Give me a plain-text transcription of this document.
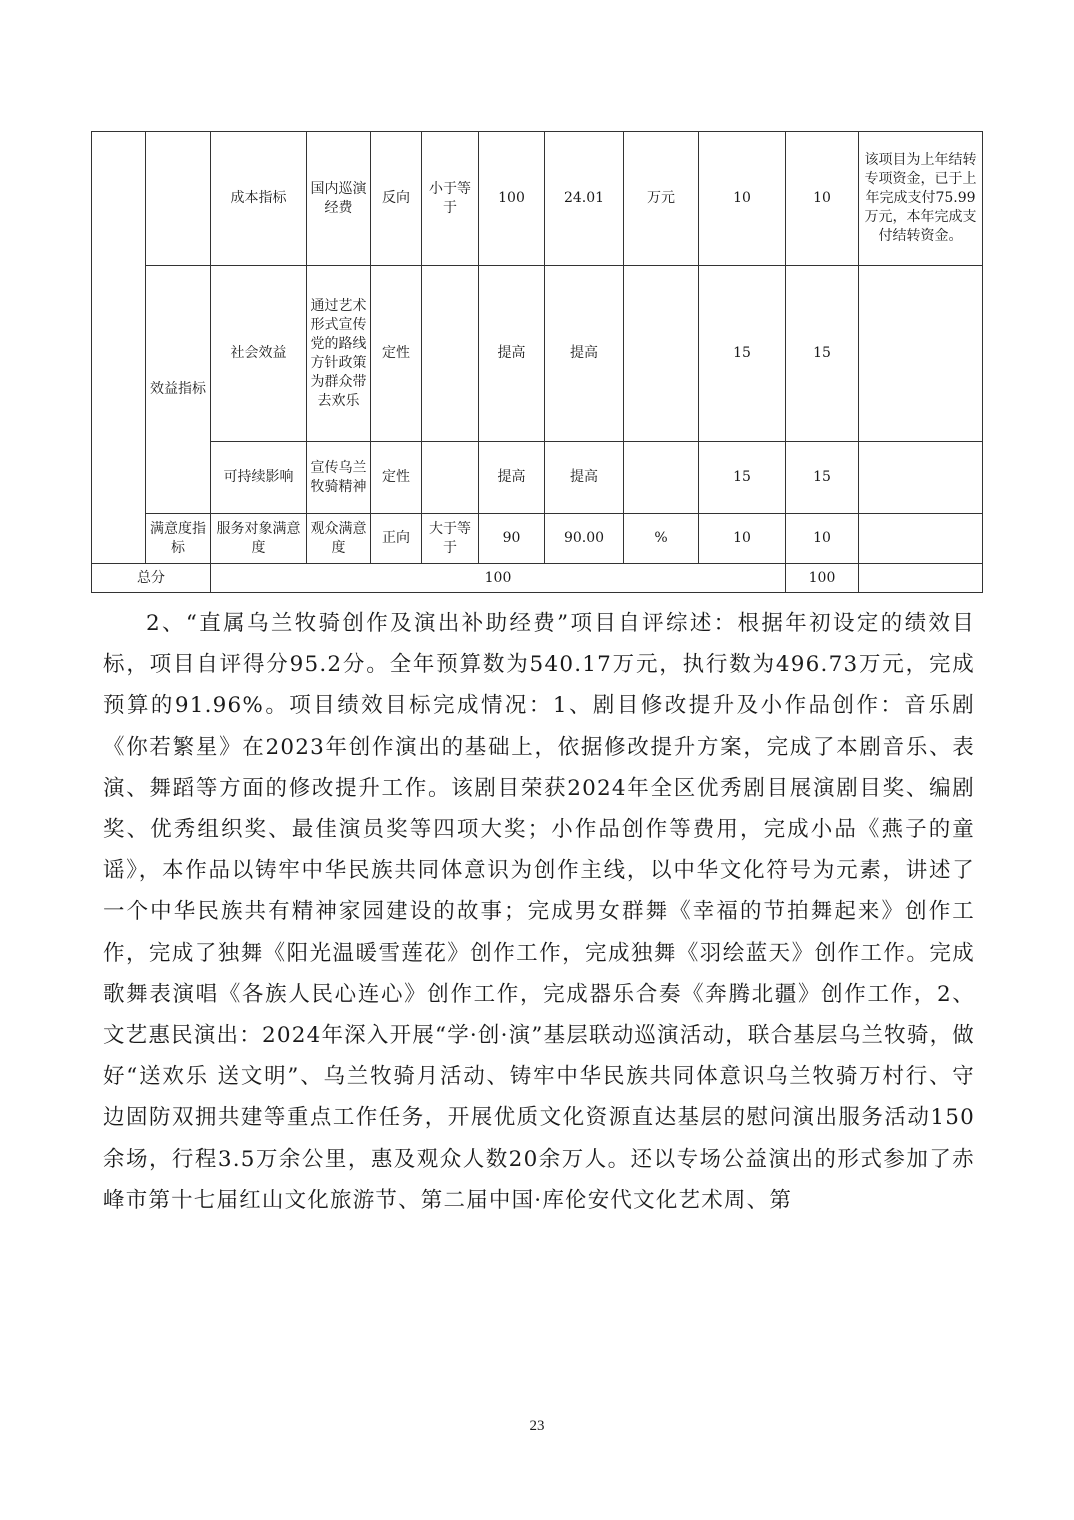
		成本指标	国内巡演经费	反向	小于等于	100	24.01	万元	10	10	该项目为上年结转专项资金，已于上年完成支付75.99万元，本年完成支付结转资金。
	效益指标	社会效益	通过艺术形式宣传党的路线方针政策为群众带去欢乐	定性		提高	提高		15	15	
		可持续影响	宣传乌兰牧骑精神	定性		提高	提高		15	15	
	满意度指标	服务对象满意度	观众满意度	正向	大于等于	90	90.00	%	10	10	
总分		100								100	
2、“直属乌兰牧骑创作及演出补助经费”项目自评综述：根据年初设定的绩效目标，项目自评得分95.2分。全年预算数为540.17万元，执行数为496.73万元，完成预算的91.96%。项目绩效目标完成情况：1、剧目修改提升及小作品创作：音乐剧《你若繁星》在2023年创作演出的基础上，依据修改提升方案，完成了本剧音乐、表演、舞蹈等方面的修改提升工作。该剧目荣获2024年全区优秀剧目展演剧目奖、编剧奖、优秀组织奖、最佳演员奖等四项大奖；小作品创作等费用，完成小品《燕子的童谣》，本作品以铸牢中华民族共同体意识为创作主线，以中华文化符号为元素，讲述了一个中华民族共有精神家园建设的故事；完成男女群舞《幸福的节拍舞起来》创作工作，完成了独舞《阳光温暖雪莲花》创作工作，完成独舞《羽绘蓝天》创作工作。完成歌舞表演唱《各族人民心连心》创作工作，完成器乐合奏《奔腾北疆》创作工作，2、文艺惠民演出：2024年深入开展“学·创·演”基层联动巡演活动，联合基层乌兰牧骑，做好“送欢乐 送文明”、乌兰牧骑月活动、铸牢中华民族共同体意识乌兰牧骑万村行、守边固防双拥共建等重点工作任务，开展优质文化资源直达基层的慰问演出服务活动150余场，行程3.5万余公里，惠及观众人数20余万人。还以专场公益演出的形式参加了赤峰市第十七届红山文化旅游节、第二届中国·库伦安代文化艺术周、第
23
